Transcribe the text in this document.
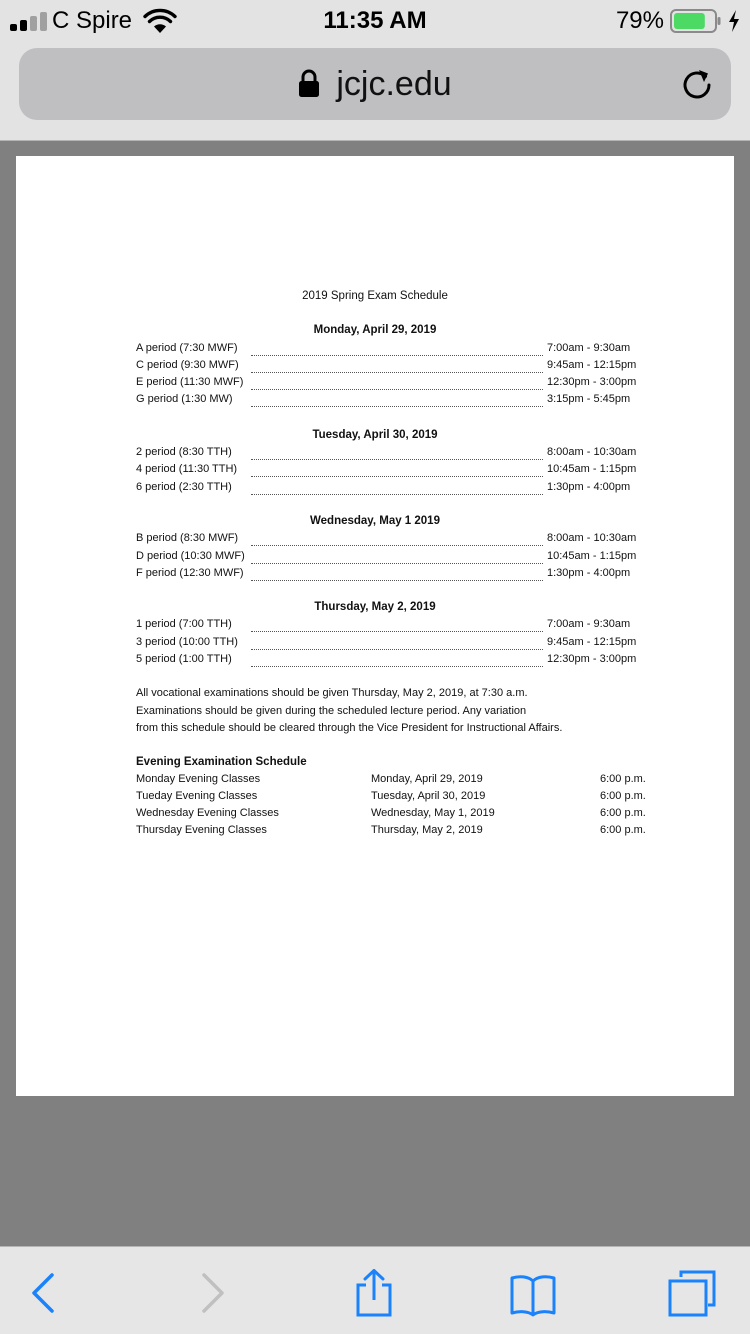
C Spire	11:35 AM	79%
jcjc.edu
2019 Spring Exam Schedule
Monday, April 29, 2019
A period (7:30 MWF)	7:00am - 9:30am
C period (9:30 MWF)	9:45am - 12:15pm
E period (11:30 MWF)	12:30pm - 3:00pm
G period (1:30 MW)	3:15pm - 5:45pm
Tuesday, April 30, 2019
2 period (8:30 TTH)	8:00am - 10:30am
4 period (11:30 TTH)	10:45am - 1:15pm
6 period (2:30 TTH)	1:30pm - 4:00pm
Wednesday, May 1 2019
B period (8:30 MWF)	8:00am - 10:30am
D period (10:30 MWF)	10:45am - 1:15pm
F period (12:30 MWF)	1:30pm - 4:00pm
Thursday, May 2, 2019
1 period (7:00 TTH)	7:00am - 9:30am
3 period (10:00 TTH)	9:45am - 12:15pm
5 period (1:00 TTH)	12:30pm - 3:00pm
All vocational examinations should be given Thursday, May 2, 2019, at 7:30 a.m.
Examinations should be given during the scheduled lecture period. Any variation
from this schedule should be cleared through the Vice President for Instructional Affairs.
Evening Examination Schedule
Monday Evening Classes	Monday, April 29, 2019	6:00 p.m.
Tueday Evening Classes	Tuesday, April 30, 2019	6:00 p.m.
Wednesday Evening Classes	Wednesday, May 1, 2019	6:00 p.m.
Thursday Evening Classes	Thursday, May 2, 2019	6:00 p.m.
